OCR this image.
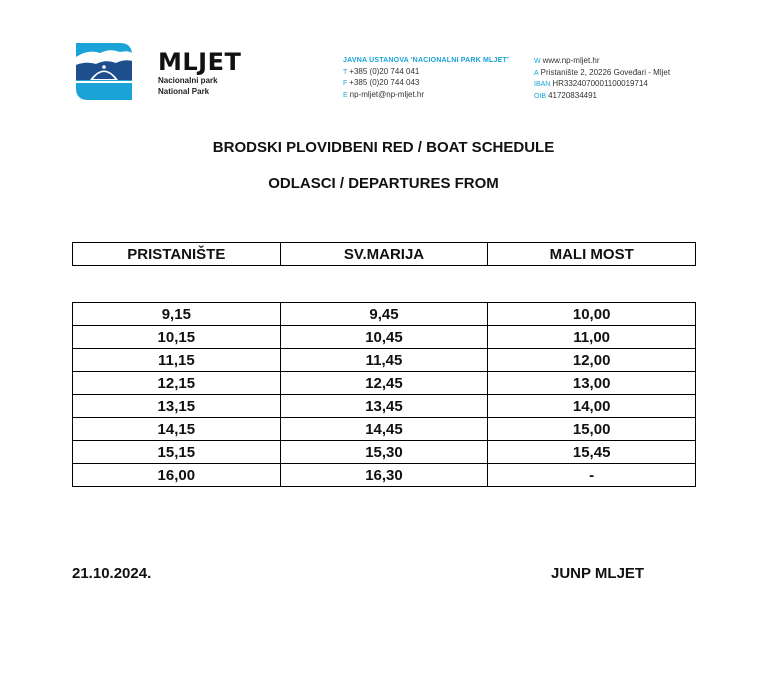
MLJET
Nacionalni park
National Park
JAVNA USTANOVA 'NACIONALNI PARK MLJET'
T +385 (0)20 744 041
F +385 (0)20 744 043
E np-mljet@np-mljet.hr
W www.np-mljet.hr
A Pristanište 2, 20226 Goveđari - Mljet
IBAN HR3324070001100019714
OIB 41720834491
BRODSKI PLOVIDBENI RED / BOAT SCHEDULE
ODLASCI / DEPARTURES FROM
PRISTANIŠTE	SV.MARIJA	MALI MOST
9,15	9,45	10,00
10,15	10,45	11,00
11,15	11,45	12,00
12,15	12,45	13,00
13,15	13,45	14,00
14,15	14,45	15,00
15,15	15,30	15,45
16,00	16,30	-
21.10.2024.	JUNP MLJET
